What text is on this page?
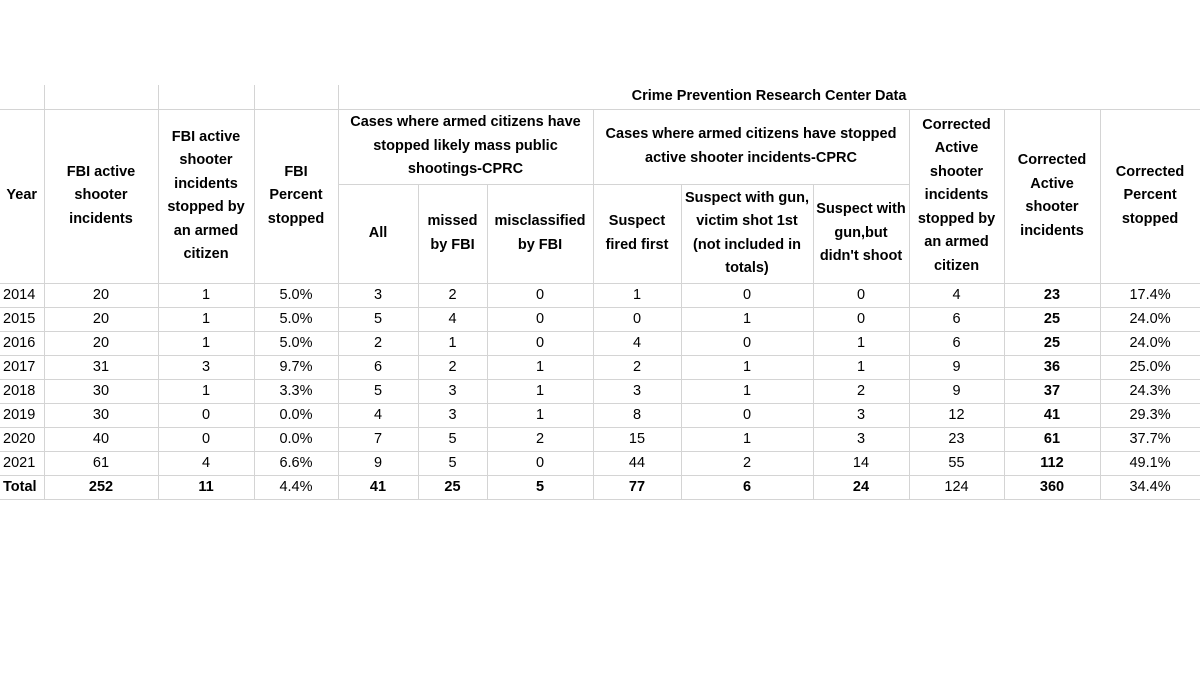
				Crime Prevention Research Center Data								
Year	FBI active shooter incidents	FBI active shooter incidents stopped by an armed citizen	FBI Percent stopped	Cases where armed citizens have stopped likely mass public shootings-CPRC			Cases where armed citizens have stopped active shooter incidents-CPRC			Corrected Active shooter incidents stopped by an armed citizen	Corrected Active shooter incidents	Corrected Percent stopped
				All	missed by FBI	misclassified by FBI	Suspect fired first	Suspect with gun, victim shot 1st (not included in totals)	Suspect with gun,but didn't shoot			
2014	20	1	5.0%	3	2	0	1	0	0	4	23	17.4%
2015	20	1	5.0%	5	4	0	0	1	0	6	25	24.0%
2016	20	1	5.0%	2	1	0	4	0	1	6	25	24.0%
2017	31	3	9.7%	6	2	1	2	1	1	9	36	25.0%
2018	30	1	3.3%	5	3	1	3	1	2	9	37	24.3%
2019	30	0	0.0%	4	3	1	8	0	3	12	41	29.3%
2020	40	0	0.0%	7	5	2	15	1	3	23	61	37.7%
2021	61	4	6.6%	9	5	0	44	2	14	55	112	49.1%
Total	252	11	4.4%	41	25	5	77	6	24	124	360	34.4%
